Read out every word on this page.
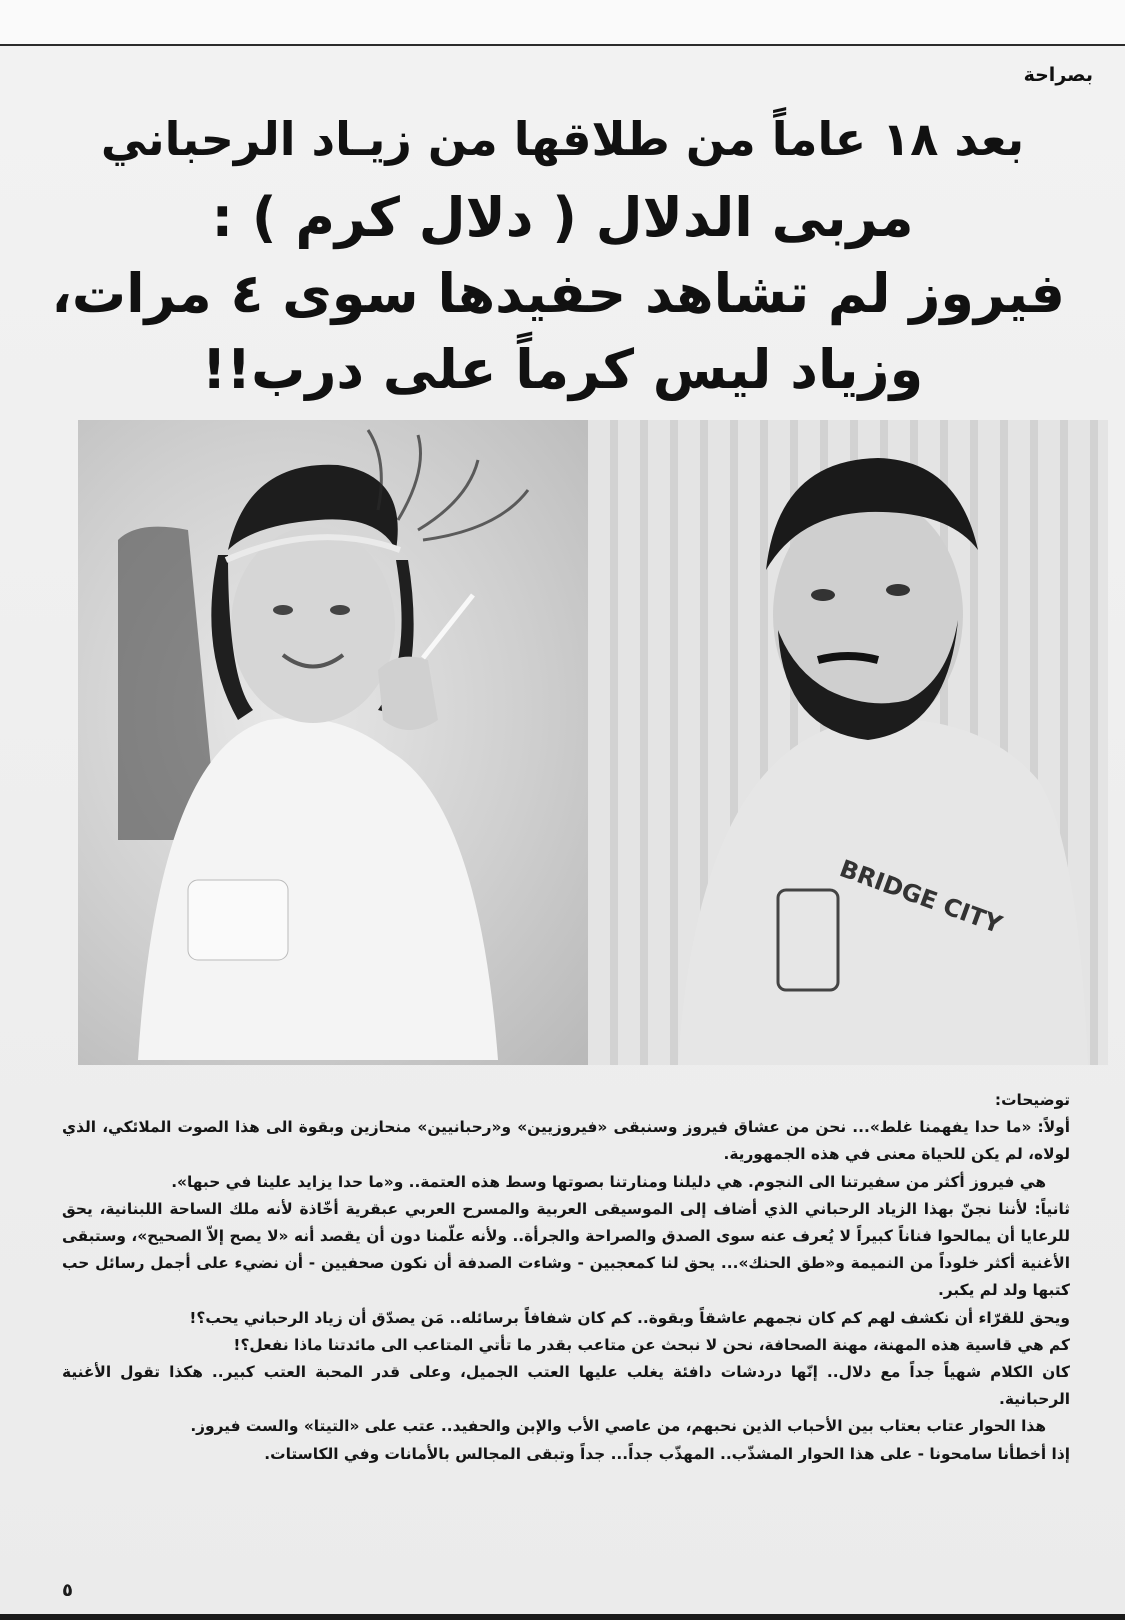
بصراحة
بعد ١٨ عاماً من طلاقها من زيـاد الرحباني
مربى الدلال ( دلال كرم ) :
فيروز لم تشاهد حفيدها سوى ٤ مرات،
وزياد ليس كرماً على درب!!
BRIDGE CITY

توضيحات:

أولاً: «ما حدا يفهمنا غلط»... نحن من عشاق فيروز وسنبقى «فيروزيين» و«رحبانيين» منحازين وبقوة الى هذا الصوت الملائكي، الذي لولاه، لم يكن للحياة معنى في هذه الجمهورية.

هي فيروز أكثر من سفيرتنا الى النجوم. هي دليلنا ومنارتنا بصوتها وسط هذه العتمة.. و«ما حدا يزايد علينا في حبها».

ثانياً: لأننا نجنّ بهذا الزياد الرحباني الذي أضاف إلى الموسيقى العربية والمسرح العربي عبقرية أخّاذة لأنه ملك الساحة اللبنانية، يحق للرعايا أن يمالحوا فناناً كبيراً لا يُعرف عنه سوى الصدق والصراحة والجرأة.. ولأنه علّمنا دون أن يقصد أنه «لا يصح إلاّ الصحيح»، وستبقى الأغنية أكثر خلوداً من النميمة و«طق الحنك»... يحق لنا كمعجبين - وشاءت الصدفة أن نكون صحفيين - أن نضيء على أجمل رسائل حب كتبها ولد لم يكبر.

ويحق للقرّاء أن نكشف لهم كم كان نجمهم عاشقاً وبقوة.. كم كان شفافاً برسائله.. مَن يصدّق أن زياد الرحباني يحب؟!

كم هي قاسية هذه المهنة، مهنة الصحافة، نحن لا نبحث عن متاعب بقدر ما تأتي المتاعب الى مائدتنا ماذا نفعل؟!

كان الكلام شهياً جداً مع دلال.. إنّها دردشات دافئة يغلب عليها العتب الجميل، وعلى قدر المحبة العتب كبير.. هكذا تقول الأغنية الرحبانية.

هذا الحوار عتاب بعتاب بين الأحباب الذين نحبهم، من عاصي الأب والإبن والحفيد.. عتب على «التيتا» والست فيروز.

إذا أخطأنا سامحونا - على هذا الحوار المشذّب.. المهذّب جداً... جداً وتبقى المجالس بالأمانات وفي الكاستات.

٥
